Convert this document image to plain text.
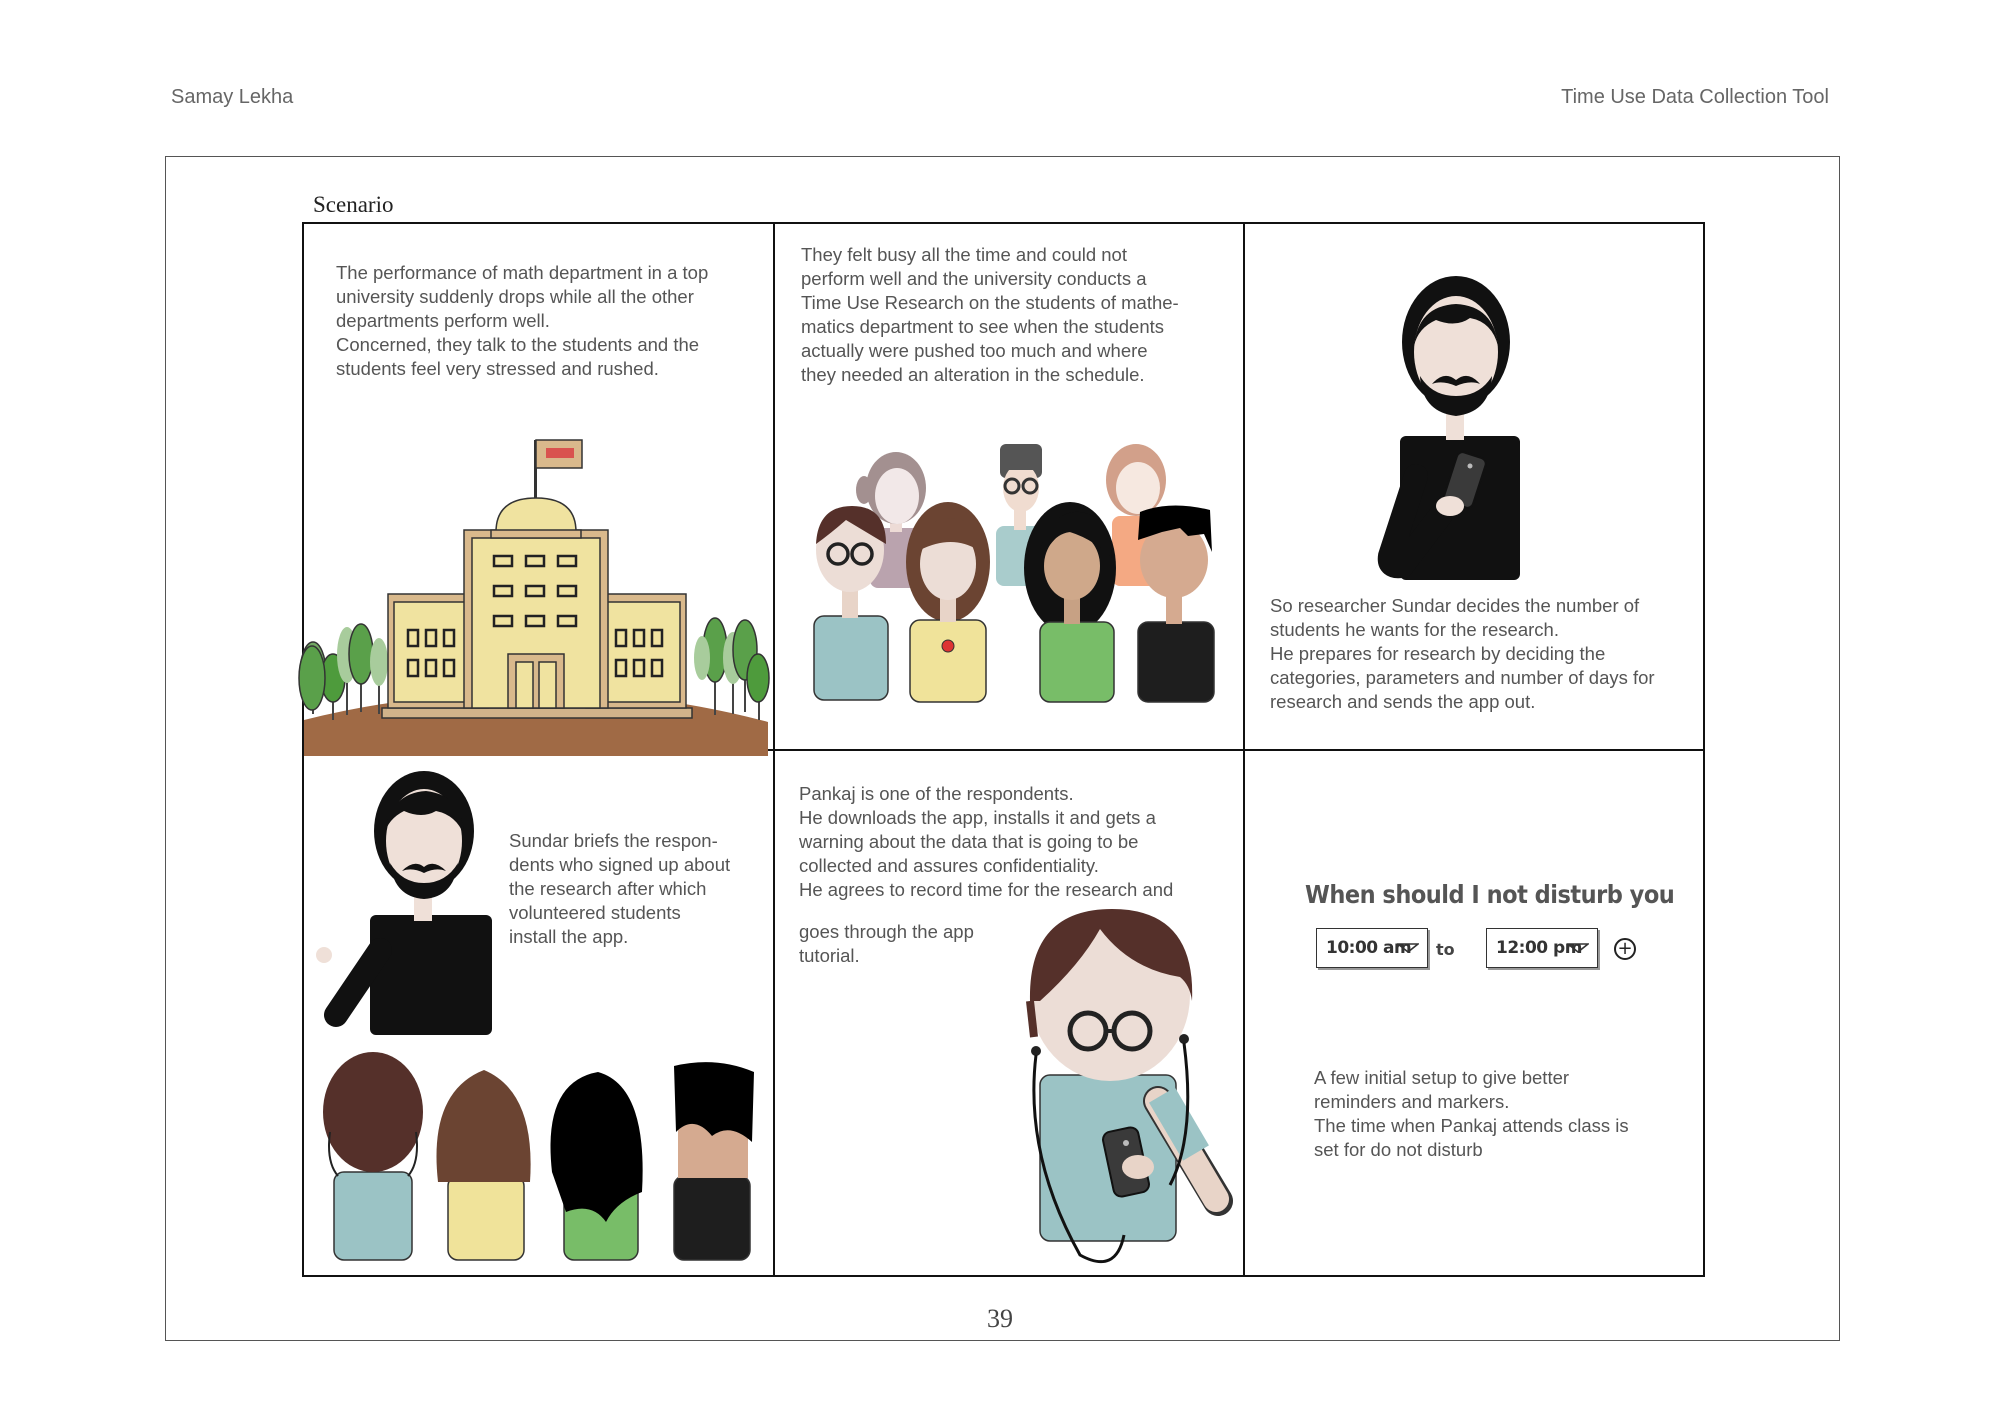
Samay Lekha	Time Use Data Collection Tool
Scenario
The performance of math department in a top
university suddenly drops while all the other
departments perform well.
Concerned, they talk to the students and the
students feel very stressed and rushed.
They felt busy all the time and could not
perform well and the university conducts a
Time Use Research on the students of mathe-
matics department to see when the students
actually were pushed too much and where
they needed an alteration in the schedule.
So researcher Sundar decides the number of
students he wants for the research.
He prepares for research by deciding the
categories, parameters and number of days for
research and sends the app out.
Sundar briefs the respon-
dents who signed up about
the research after which
volunteered students
install the app.
Pankaj is one of the respondents.
He downloads the app, installs it and gets a
warning about the data that is going to be
collected and assures confidentiality.
He agrees to record time for the research and
goes through the app
tutorial.
A few initial setup to give better
reminders and markers.
The time when Pankaj attends class is
set for do not disturb
When should I not disturb you
10:00 am	to	12:00 pm	+
39
